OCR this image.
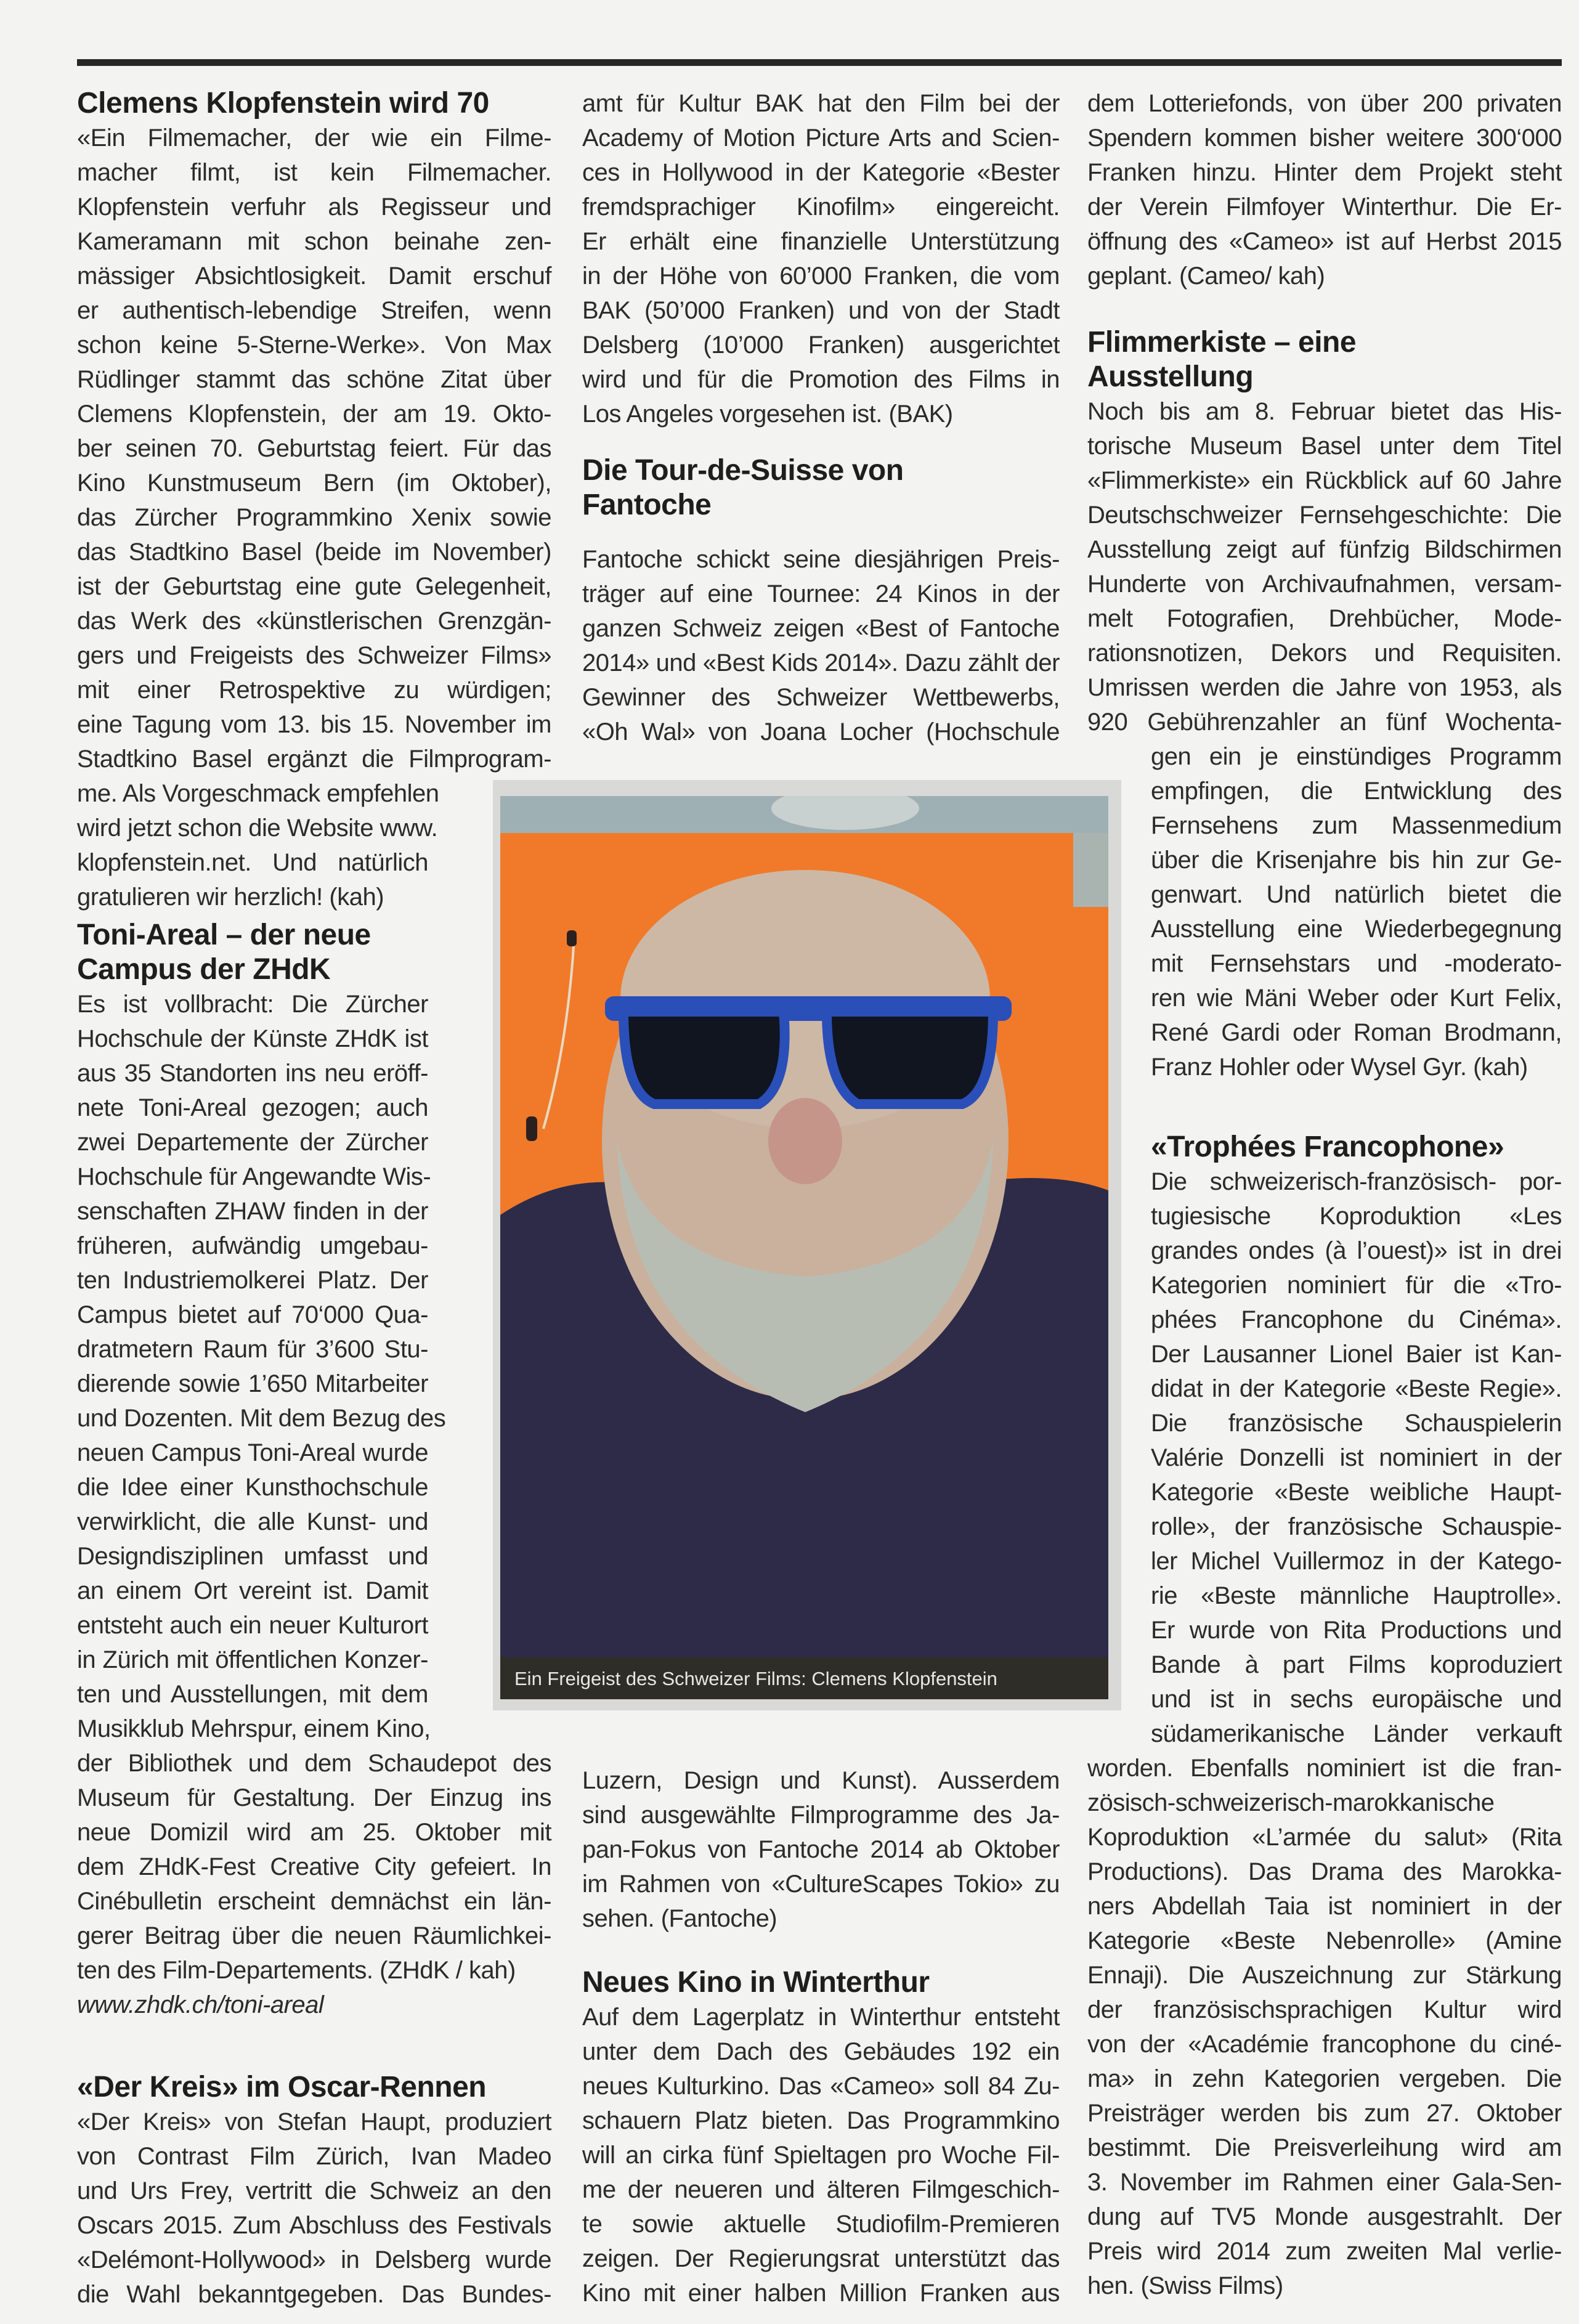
Clemens Klopfenstein wird 70
«Ein Filmemacher, der wie ein Filme-
macher filmt, ist kein Filmemacher.
Klopfenstein verfuhr als Regisseur und
Kameramann mit schon beinahe zen-
mässiger Absichtlosigkeit. Damit erschuf
er authentisch-lebendige Streifen, wenn
schon keine 5-Sterne-Werke». Von Max
Rüdlinger stammt das schöne Zitat über
Clemens Klopfenstein, der am 19. Okto-
ber seinen 70. Geburtstag feiert. Für das
Kino Kunstmuseum Bern (im Oktober),
das Zürcher Programmkino Xenix sowie
das Stadtkino Basel (beide im November)
ist der Geburtstag eine gute Gelegenheit,
das Werk des «künstlerischen Grenzgän-
gers und Freigeists des Schweizer Films»
mit einer Retrospektive zu würdigen;
eine Tagung vom 13. bis 15. November im
Stadtkino Basel ergänzt die Filmprogram-
me. Als Vorgeschmack empfehlen
wird jetzt schon die Website www.
klopfenstein.net. Und natürlich
gratulieren wir herzlich! (kah)
Toni-Areal – der neue
Campus der ZHdK
Es ist vollbracht: Die Zürcher
Hochschule der Künste ZHdK ist
aus 35 Standorten ins neu eröff-
nete Toni-Areal gezogen; auch
zwei Departemente der Zürcher
Hochschule für Angewandte Wis-
senschaften ZHAW finden in der
früheren, aufwändig umgebau-
ten Industriemolkerei Platz. Der
Campus bietet auf 70‘000 Qua-
dratmetern Raum für 3’600 Stu-
dierende sowie 1’650 Mitarbeiter
und Dozenten. Mit dem Bezug des
neuen Campus Toni-Areal wurde
die Idee einer Kunsthochschule
verwirklicht, die alle Kunst- und
Designdisziplinen umfasst und
an einem Ort vereint ist. Damit
entsteht auch ein neuer Kulturort
in Zürich mit öffentlichen Konzer-
ten und Ausstellungen, mit dem
Musikklub Mehrspur, einem Kino,
der Bibliothek und dem Schaudepot des
Museum für Gestaltung. Der Einzug ins
neue Domizil wird am 25. Oktober mit
dem ZHdK-Fest Creative City gefeiert. In
Cinébulletin erscheint demnächst ein län-
gerer Beitrag über die neuen Räumlichkei-
ten des Film-Departements. (ZHdK / kah)
www.zhdk.ch/toni-areal
«Der Kreis» im Oscar-Rennen
«Der Kreis» von Stefan Haupt, produziert
von Contrast Film Zürich, Ivan Madeo
und Urs Frey, vertritt die Schweiz an den
Oscars 2015. Zum Abschluss des Festivals
«Delémont-Hollywood» in Delsberg wurde
die Wahl bekanntgegeben. Das Bundes-
amt für Kultur BAK hat den Film bei der
Academy of Motion Picture Arts and Scien-
ces in Hollywood in der Kategorie «Bester
fremdsprachiger Kinofilm» eingereicht.
Er erhält eine finanzielle Unterstützung
in der Höhe von 60’000 Franken, die vom
BAK (50’000 Franken) und von der Stadt
Delsberg (10’000 Franken) ausgerichtet
wird und für die Promotion des Films in
Los Angeles vorgesehen ist. (BAK)
Die Tour-de-Suisse von
Fantoche
Fantoche schickt seine diesjährigen Preis-
träger auf eine Tournee: 24 Kinos in der
ganzen Schweiz zeigen «Best of Fantoche
2014» und «Best Kids 2014». Dazu zählt der
Gewinner des Schweizer Wettbewerbs,
«Oh Wal» von Joana Locher (Hochschule
Luzern, Design und Kunst). Ausserdem
sind ausgewählte Filmprogramme des Ja-
pan-Fokus von Fantoche 2014 ab Oktober
im Rahmen von «CultureScapes Tokio» zu
sehen. (Fantoche)
Neues Kino in Winterthur
Auf dem Lagerplatz in Winterthur entsteht
unter dem Dach des Gebäudes 192 ein
neues Kulturkino. Das «Cameo» soll 84 Zu-
schauern Platz bieten. Das Programmkino
will an cirka fünf Spieltagen pro Woche Fil-
me der neueren und älteren Filmgeschich-
te sowie aktuelle Studiofilm-Premieren
zeigen. Der Regierungsrat unterstützt das
Kino mit einer halben Million Franken aus
dem Lotteriefonds, von über 200 privaten
Spendern kommen bisher weitere 300‘000
Franken hinzu. Hinter dem Projekt steht
der Verein Filmfoyer Winterthur. Die Er-
öffnung des «Cameo» ist auf Herbst 2015
geplant. (Cameo/ kah)
Flimmerkiste – eine
Ausstellung
Noch bis am 8. Februar bietet das His-
torische Museum Basel unter dem Titel
«Flimmerkiste» ein Rückblick auf 60 Jahre
Deutschschweizer Fernsehgeschichte: Die
Ausstellung zeigt auf fünfzig Bildschirmen
Hunderte von Archivaufnahmen, versam-
melt Fotografien, Drehbücher, Mode-
rationsnotizen, Dekors und Requisiten.
Umrissen werden die Jahre von 1953, als
920 Gebührenzahler an fünf Wochenta-
gen ein je einstündiges Programm
empfingen, die Entwicklung des
Fernsehens zum Massenmedium
über die Krisenjahre bis hin zur Ge-
genwart. Und natürlich bietet die
Ausstellung eine Wiederbegegnung
mit Fernsehstars und -moderato-
ren wie Mäni Weber oder Kurt Felix,
René Gardi oder Roman Brodmann,
Franz Hohler oder Wysel Gyr. (kah)
«Trophées Francophone»
Die schweizerisch-französisch- por-
tugiesische Koproduktion «Les
grandes ondes (à l’ouest)» ist in drei
Kategorien nominiert für die «Tro-
phées Francophone du Cinéma».
Der Lausanner Lionel Baier ist Kan-
didat in der Kategorie «Beste Regie».
Die französische Schauspielerin
Valérie Donzelli ist nominiert in der
Kategorie «Beste weibliche Haupt-
rolle», der französische Schauspie-
ler Michel Vuillermoz in der Katego-
rie «Beste männliche Hauptrolle».
Er wurde von Rita Productions und
Bande à part Films koproduziert
und ist in sechs europäische und
südamerikanische Länder verkauft
worden. Ebenfalls nominiert ist die fran-
zösisch-schweizerisch-marokkanische
Koproduktion «L’armée du salut» (Rita
Productions). Das Drama des Marokka-
ners Abdellah Taia ist nominiert in der
Kategorie «Beste Nebenrolle» (Amine
Ennaji). Die Auszeichnung zur Stärkung
der französischsprachigen Kultur wird
von der «Académie francophone du ciné-
ma» in zehn Kategorien vergeben. Die
Preisträger werden bis zum 27. Oktober
bestimmt. Die Preisverleihung wird am
3. November im Rahmen einer Gala-Sen-
dung auf TV5 Monde ausgestrahlt. Der
Preis wird 2014 zum zweiten Mal verlie-
hen. (Swiss Films)
Ein Freigeist des Schweizer Films: Clemens Klopfenstein
